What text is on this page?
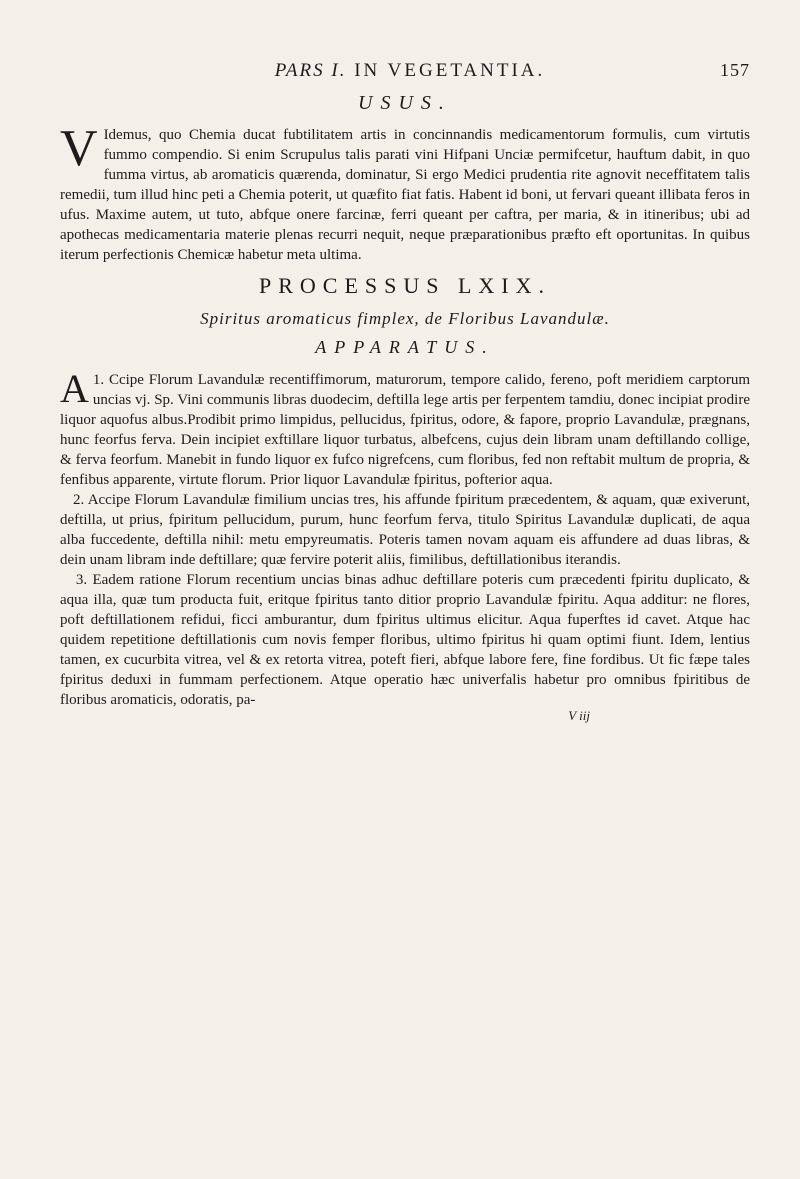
PARS I. IN VEGETANTIA.	157
USUS.

V Idemus, quo Chemia ducat fubtilitatem artis in concinnandis medicamentorum formulis, cum virtutis fummo compendio. Si enim Scrupulus talis parati vini Hifpani Unciæ permifcetur, hauftum dabit, in quo fumma virtus, ab aromaticis quærenda, dominatur, Si ergo Medici prudentia rite agnovit neceffitatem talis remedii, tum illud hinc peti a Chemia poterit, ut quæfito fiat fatis. Habent id boni, ut fervari queant illibata feros in ufus. Maxime autem, ut tuto, abfque onere farcinæ, ferri queant per caftra, per maria, & in itineribus; ubi ad apothecas medicamentaria materie plenas recurri nequit, neque præparationibus præfto eft oportunitas. In quibus iterum perfectionis Chemicæ habetur meta ultima.

PROCESSUS LXIX.
Spiritus aromaticus fimplex, de Floribus Lavandulæ.
APPARATUS.

1.
A Ccipe Florum Lavandulæ recentiffimorum, maturorum, tempore calido, fereno, poft meridiem carptorum uncias vj. Sp. Vini communis libras duodecim, deftilla lege artis per ferpentem tamdiu, donec incipiat prodire liquor aquofus albus.Prodibit primo limpidus, pellucidus, fpiritus, odore, & fapore, proprio Lavandulæ, prægnans, hunc feorfus ferva. Dein incipiet exftillare liquor turbatus, albefcens, cujus dein libram unam deftillando collige, & ferva feorfum. Manebit in fundo liquor ex fufco nigrefcens, cum floribus, fed non reftabit multum de propria, & fenfibus apparente, virtute florum. Prior liquor Lavandulæ fpiritus, pofterior aqua.

2. Accipe Florum Lavandulæ fimilium uncias tres, his affunde fpiritum præcedentem, & aquam, quæ exiverunt, deftilla, ut prius, fpiritum pellucidum, purum, hunc feorfum ferva, titulo Spiritus Lavandulæ duplicati, de aqua alba fuccedente, deftilla nihil: metu empyreumatis. Poteris tamen novam aquam eis affundere ad duas libras, & dein unam libram inde deftillare; quæ fervire poterit aliis, fimilibus, deftillationibus iterandis.

3. Eadem ratione Florum recentium uncias binas adhuc deftillare poteris cum præcedenti fpiritu duplicato, & aqua illa, quæ tum producta fuit, eritque fpiritus tanto ditior proprio Lavandulæ fpiritu. Aqua additur: ne flores, poft deftillationem refidui, ficci amburantur, dum fpiritus ultimus elicitur. Aqua fuperftes id cavet. Atque hac quidem repetitione deftillationis cum novis femper floribus, ultimo fpiritus hi quam optimi fiunt. Idem, lentius tamen, ex cucurbita vitrea, vel & ex retorta vitrea, poteft fieri, abfque labore fere, fine fordibus. Ut fic fæpe tales fpiritus deduxi in fummam perfectionem. Atque operatio hæc univerfalis habetur pro omnibus fpiritibus de floribus aromaticis, odoratis, pa-

V iij
